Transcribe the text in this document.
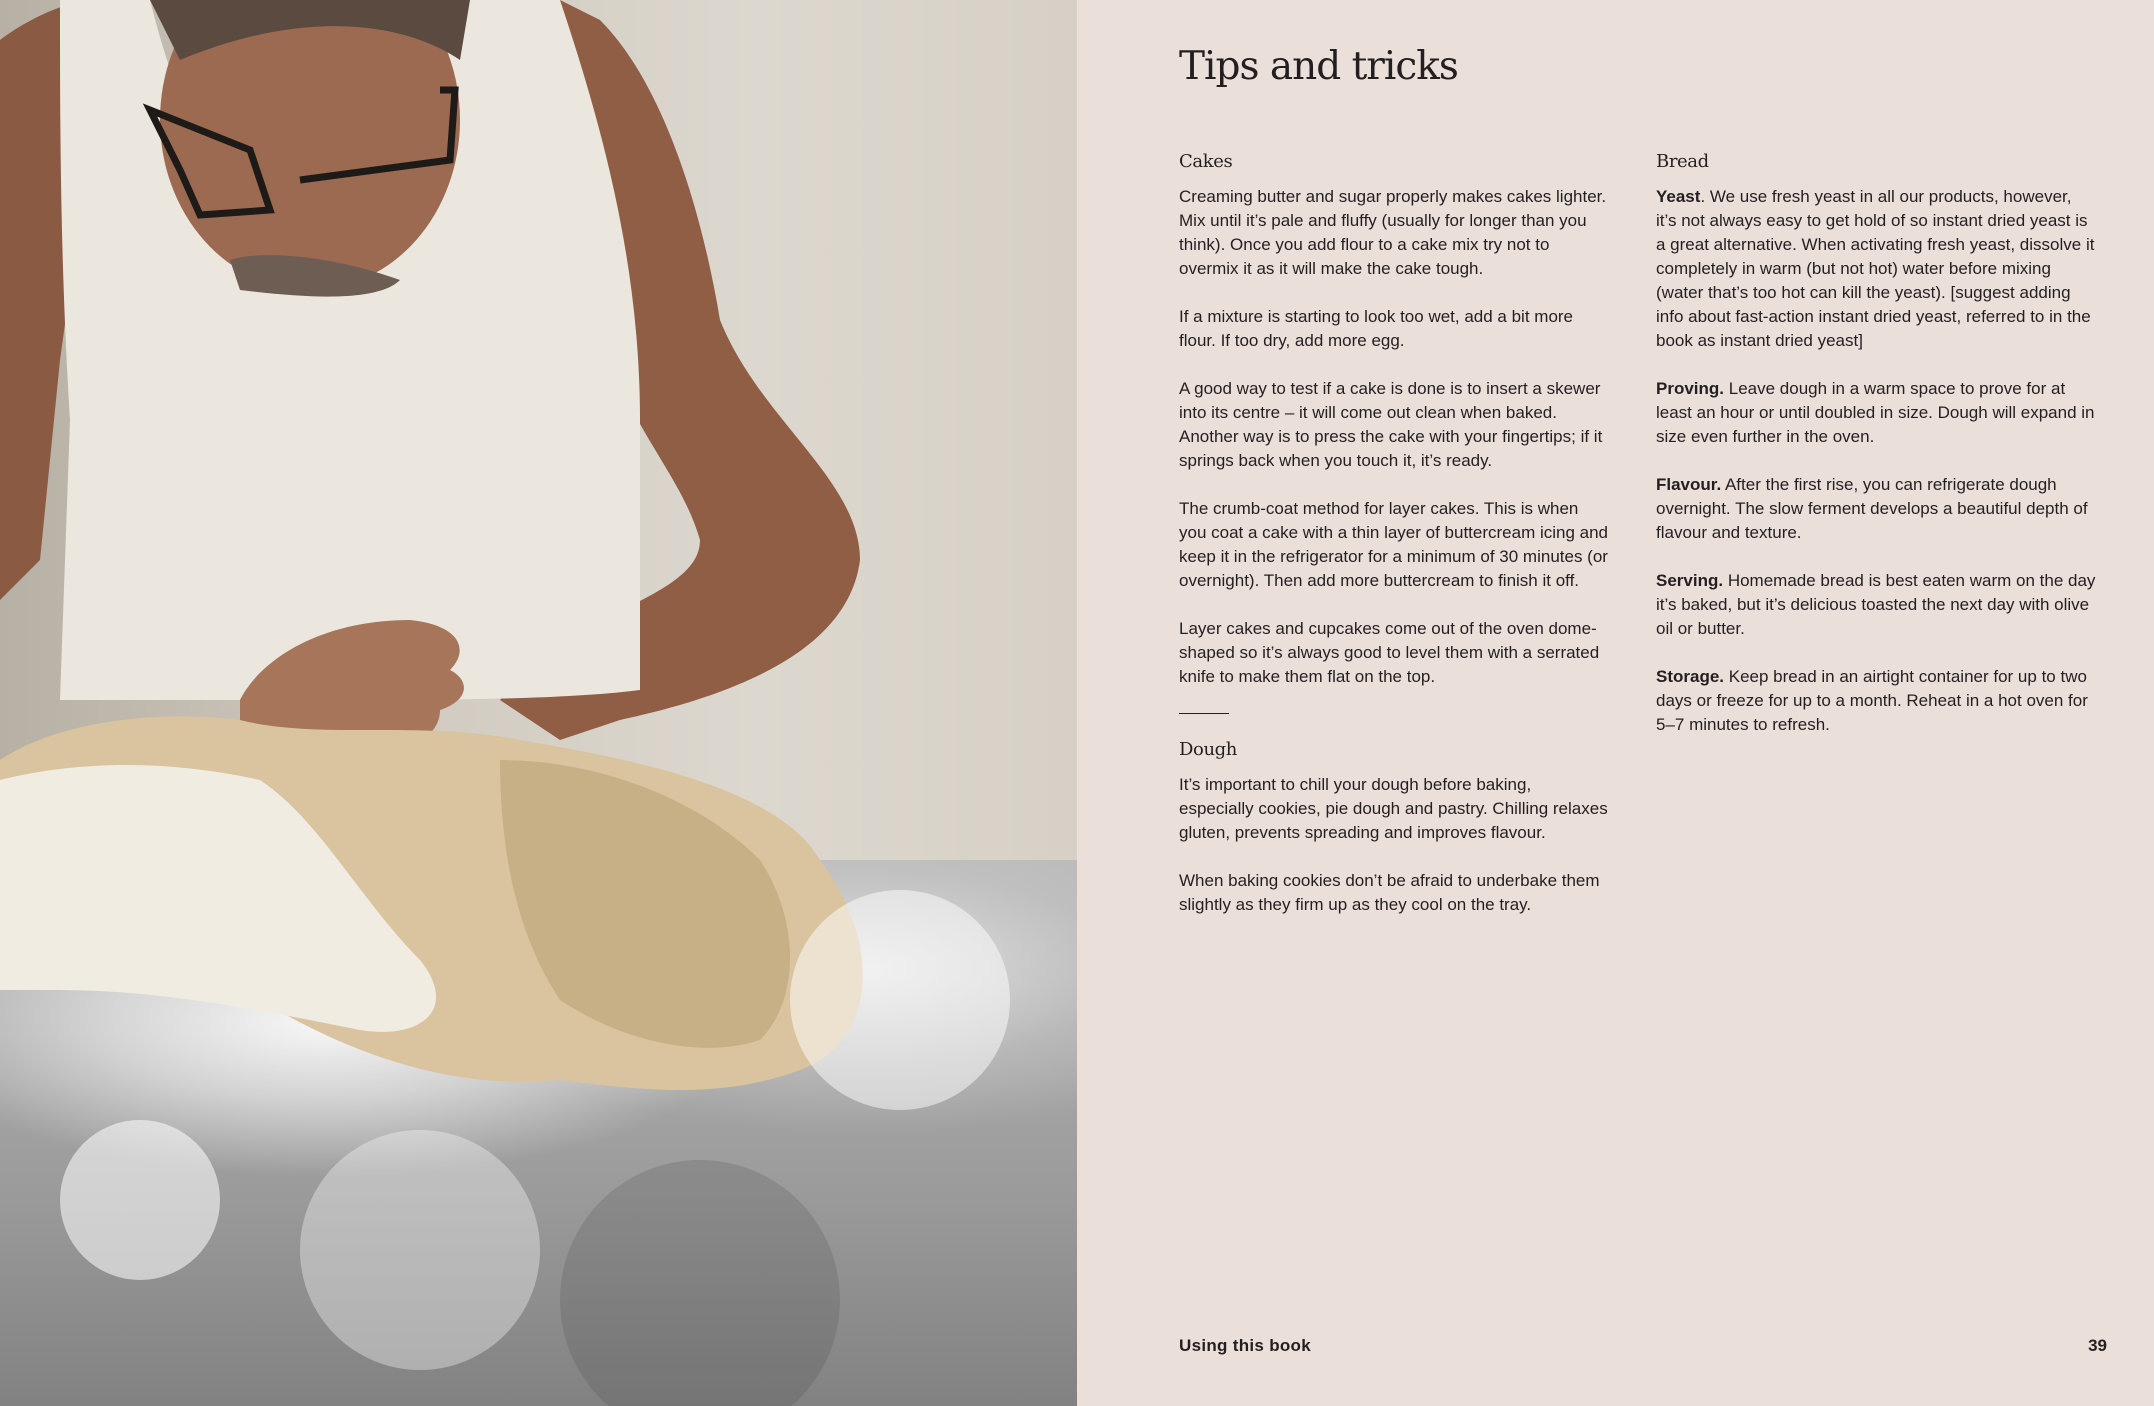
Tips and tricks
Cakes

Creaming butter and sugar properly makes cakes lighter. Mix until it’s pale and fluffy (usually for longer than you think). Once you add flour to a cake mix try not to overmix it as it will make the cake tough.

If a mixture is starting to look too wet, add a bit more flour. If too dry, add more egg.

A good way to test if a cake is done is to insert a skewer into its centre – it will come out clean when baked. Another way is to press the cake with your fingertips; if it springs back when you touch it, it’s ready.

The crumb-coat method for layer cakes. This is when you coat a cake with a thin layer of buttercream icing and keep it in the refrigerator for a minimum of 30 minutes (or overnight). Then add more buttercream to finish it off.

Layer cakes and cupcakes come out of the oven dome-shaped so it’s always good to level them with a serrated knife to make them flat on the top.

Dough

It’s important to chill your dough before baking, especially cookies, pie dough and pastry. Chilling relaxes gluten, prevents spreading and improves flavour.

When baking cookies don’t be afraid to underbake them slightly as they firm up as they cool on the tray.

Bread

Yeast. We use fresh yeast in all our products, however, it’s not always easy to get hold of so instant dried yeast is a great alternative. When activating fresh yeast, dissolve it completely in warm (but not hot) water before mixing (water that’s too hot can kill the yeast). [suggest adding info about fast-action instant dried yeast, referred to in the book as instant dried yeast]

Proving. Leave dough in a warm space to prove for at least an hour or until doubled in size. Dough will expand in size even further in the oven.

Flavour. After the first rise, you can refrigerate dough overnight. The slow ferment develops a beautiful depth of flavour and texture.

Serving. Homemade bread is best eaten warm on the day it’s baked, but it’s delicious toasted the next day with olive oil or butter.

Storage. Keep bread in an airtight container for up to two days or freeze for up to a month. Reheat in a hot oven for 5–7 minutes to refresh.

Using this book	39
